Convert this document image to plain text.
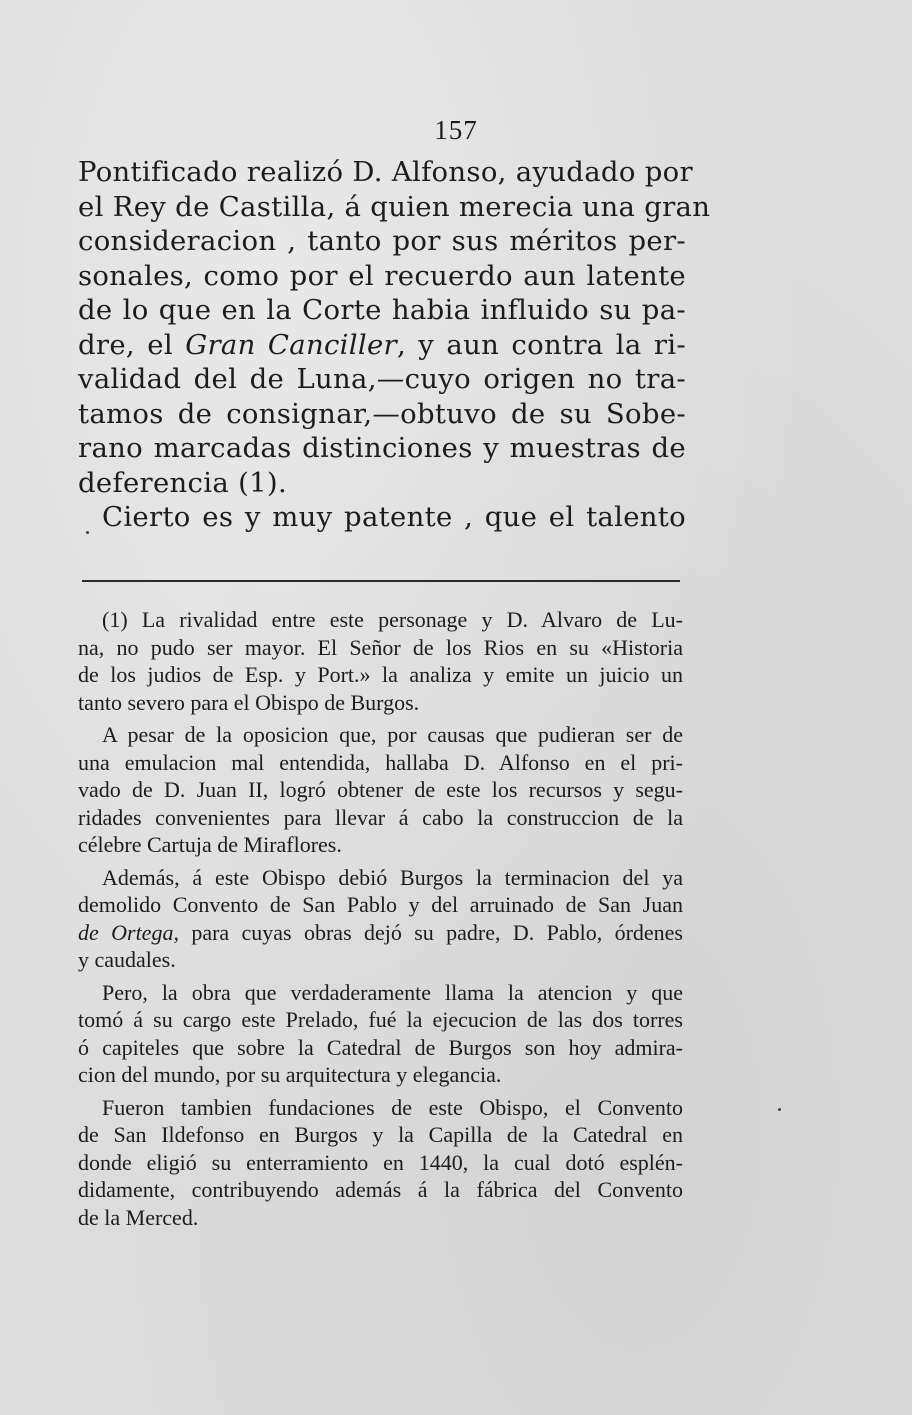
157
Pontificado realizó D. Alfonso, ayudado por
el Rey de Castilla, á quien merecia una gran
consideracion , tanto por sus méritos per-
sonales, como por el recuerdo aun latente
de lo que en la Corte habia influido su pa-
dre, el Gran Canciller, y aun contra la ri-
validad del de Luna,—cuyo origen no tra-
tamos de consignar,—obtuvo de su Sobe-
rano marcadas distinciones y muestras de
deferencia (1).
Cierto es y muy patente , que el talento
(1) La rivalidad entre este personage y D. Alvaro de Lu-
na, no pudo ser mayor. El Señor de los Rios en su «Historia
de los judios de Esp. y Port.» la analiza y emite un juicio un
tanto severo para el Obispo de Burgos.
A pesar de la oposicion que, por causas que pudieran ser de
una emulacion mal entendida, hallaba D. Alfonso en el pri-
vado de D. Juan II, logró obtener de este los recursos y segu-
ridades convenientes para llevar á cabo la construccion de la
célebre Cartuja de Miraflores.
Además, á este Obispo debió Burgos la terminacion del ya
demolido Convento de San Pablo y del arruinado de San Juan
de Ortega, para cuyas obras dejó su padre, D. Pablo, órdenes
y caudales.
Pero, la obra que verdaderamente llama la atencion y que
tomó á su cargo este Prelado, fué la ejecucion de las dos torres
ó capiteles que sobre la Catedral de Burgos son hoy admira-
cion del mundo, por su arquitectura y elegancia.
Fueron tambien fundaciones de este Obispo, el Convento
de San Ildefonso en Burgos y la Capilla de la Catedral en
donde eligió su enterramiento en 1440, la cual dotó esplén-
didamente, contribuyendo además á la fábrica del Convento
de la Merced.
